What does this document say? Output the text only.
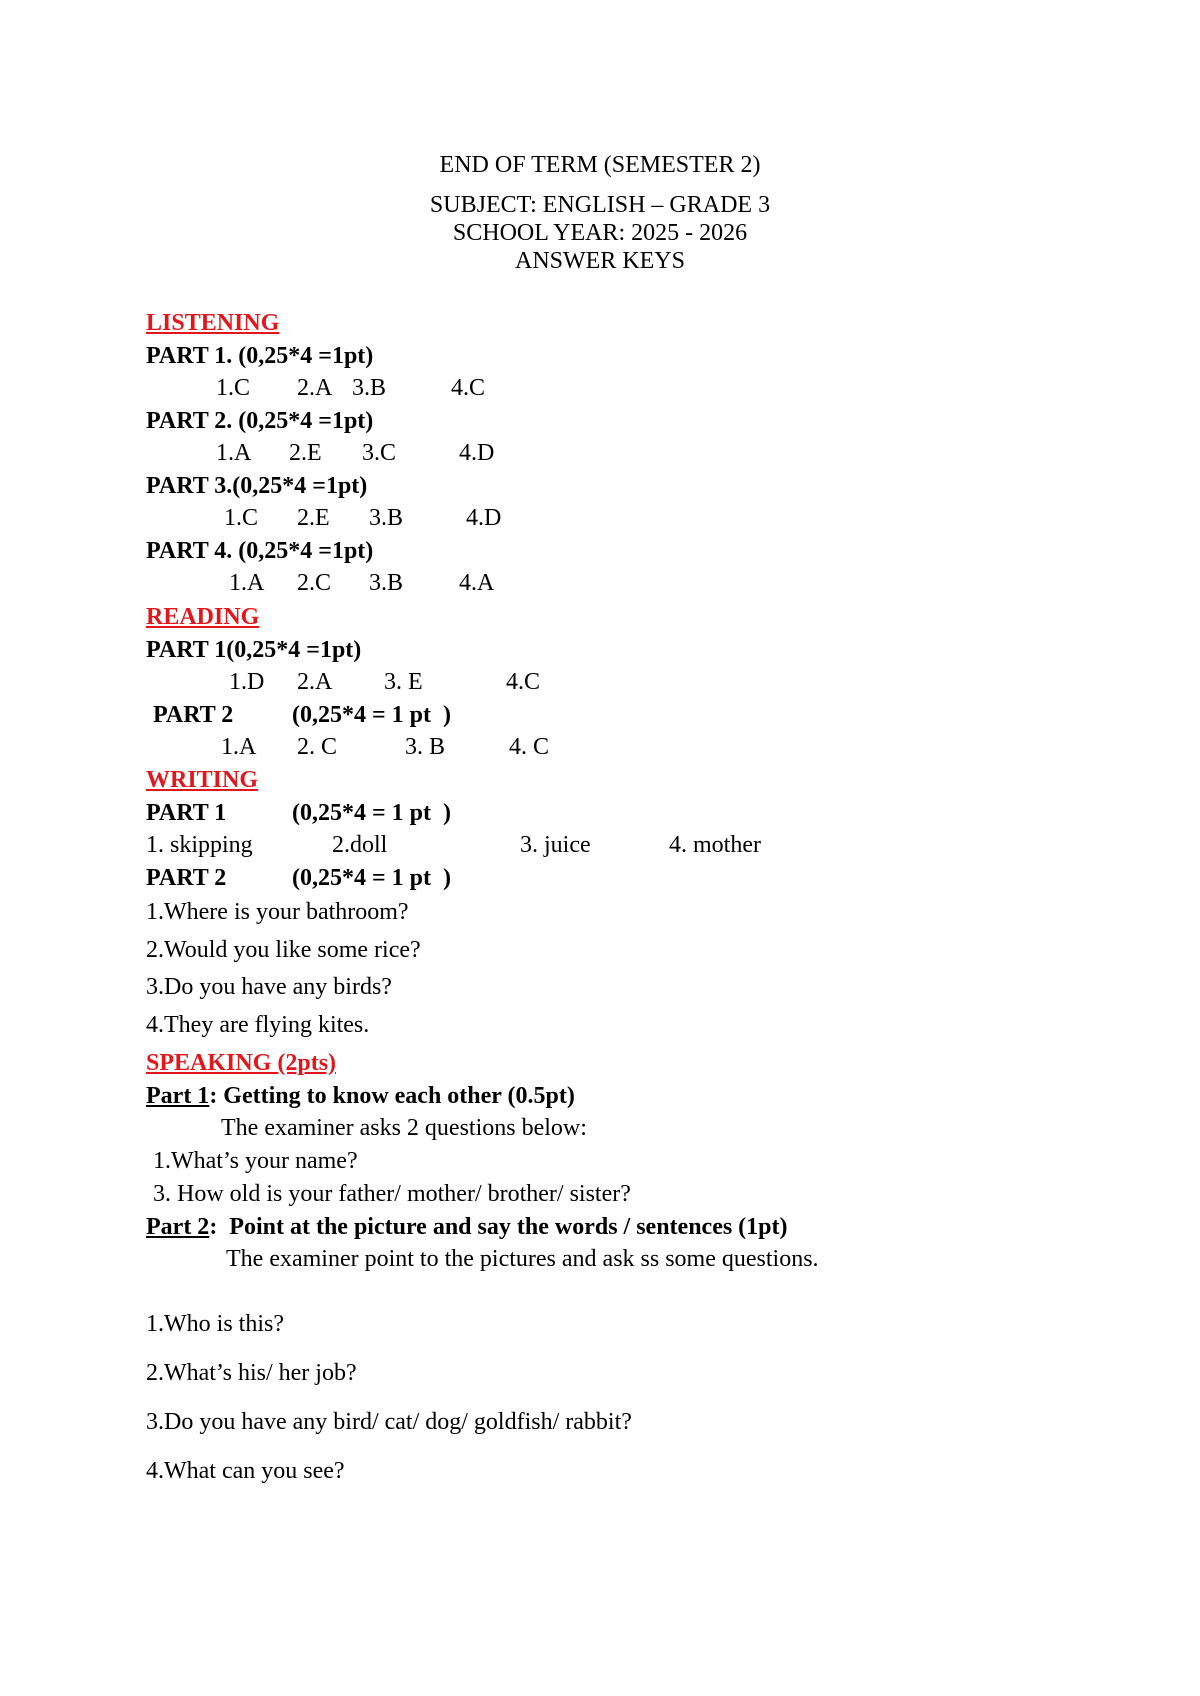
END OF TERM (SEMESTER 2)
SUBJECT: ENGLISH – GRADE 3
SCHOOL YEAR: 2025 - 2026
ANSWER KEYS
LISTENING
PART 1. (0,25*4 =1pt)

1.C

2.A

3.B

	4.C

PART 2. (0,25*4 =1pt)

1.A

2.E

3.C

	4.D

PART 3.(0,25*4 =1pt)

1.C

2.E

3.B

	4.D

PART 4. (0,25*4 =1pt)

1.A

2.C

3.B

4.A

READING
PART 1(0,25*4 =1pt)

1.D

2.A

3. E

	4.C

PART 2 (0,25*4 = 1 pt  )

1.A

2. C

	3. B

	4. C

WRITING
PART 1	(0,25*4 = 1 pt  )

1. skipping

	2.doll

	3. juice

	4. mother

PART 2	(0,25*4 = 1 pt  )
1.Where is your bathroom?
2.Would you like some rice?
3.Do you have any birds?
4.They are flying kites.
SPEAKING (2pts)
Part 1: Getting to know each other (0.5pt)
The examiner asks 2 questions below:
1.What’s your name?
3. How old is your father/ mother/ brother/ sister?
Part 2:  Point at the picture and say the words / sentences (1pt)
The examiner point to the pictures and ask ss some questions.
1.Who is this?
2.What’s his/ her job?
3.Do you have any bird/ cat/ dog/ goldfish/ rabbit?
4.What can you see?
